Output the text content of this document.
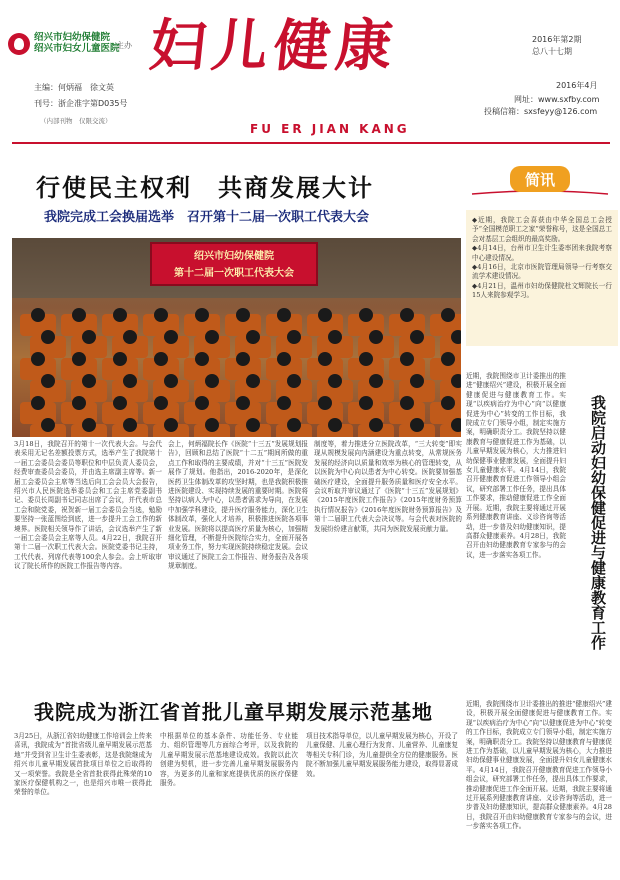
绍兴市妇幼保健院
绍兴市妇女儿童医院
主办
主编：何炳福　徐文英
刊号：浙企准字第D035号
（内部刊物　仅限交流）
妇儿健康
FU ER JIAN KANG
2016年第2期
总八十七期
2016年4月
网址：www.sxfby.com
投稿信箱：sxsfeyy@126.com
行使民主权利　共商发展大计
我院完成工会换届选举　召开第十二届一次职工代表大会
绍兴市妇幼保健院
第十二届一次职工代表大会
3月18日，我院召开的第十一次代表大会。与会代表采用无记名差额投票方式，选举产生了我院第十一届工会委员会委员等职位和中层负责人委员会，经费审查委员会委员，并由选主席副主席等。新一届工会委员会主席等当选后向工会会员大会报告，绍兴市人民医院选举委员会和工会主席党委副书记、委员长周副书记同志出席了会议，并代表市总工会和院党委，祝贺新一届工会委员会当选，勉励要坚持一张蓝图绘到底，进一步提升工会工作的新境界。医院相关领导作了讲话，会议选举产生了新一届工会委员会主席等人员。4月22日，我院召开第十二届一次职工代表大会。医院党委书记主持，工代代表、列席代表等100余人参会。会上听取审议了院长所作的医院工作报告等内容。
会上，何炳福院长作《医院“十三五”发展规划报告》，回顾和总结了医院“十二五”期间所做的重点工作和取得的主要成绩，并对“十三五”医院发展作了规划。他指出，2016-2020年，是深化医药卫生体制改革的攻坚时期，也是我院积极推进医院建设、实现持续发展的重要时期。医院将坚持以病人为中心，以患者需求为导向，在发展中加强学科建设，提升医疗服务能力，深化卫生体制改革，强化人才培养，积极推进医院各项事业发展。医院将以提高医疗质量为核心，加强精细化管理，不断提升医院综合实力，全面开展各项业务工作，努力实现医院持续稳定发展。会议审议通过了医院工会工作报告、财务报告及各项规章制度。
制度等，着力推进分立医院改革，“三大转变”即实现从规模发展向内涵建设为重点转变，从常规医务发展的经济向以质量和效率为核心的管理转变，从以医院为中心向以患者为中心转变。医院要加强基础医疗建设，全面提升服务质量和医疗安全水平。会议听取并审议通过了《医院“十三五”发展规划》《2015年度医院工作报告》《2015年度财务预算执行情况报告》《2016年度医院财务预算报告》及第十二届职工代表大会决议等。与会代表对医院的发展纷纷建言献策，共同为医院发展贡献力量。
简讯
◆近期，我院工会喜获由中华全国总工会授予“全国模范职工之家”荣誉称号，这是全国总工会对基层工会组织的最高奖励。
◆4月14日，台州市卫生计生委率团来我院考察中心建设情况。
◆4月16日，北京市医院管理局领导一行考察交流学术建设情况。
◆4月21日，温州市妇幼保健院杜文辉院长一行15人来院参观学习。
近期，我院围绕市卫计委推出的推进“健康绍兴”建设，积极开展全面健康促进与健康教育工作。实现“以疾病治疗为中心”向“以健康促进为中心”转变的工作目标，我院成立专门领导小组，制定实施方案，明确职责分工。我院坚持以健康教育与健康促进工作为基础，以儿童早期发展为核心，大力推进妇幼保健事业健康发展，全面提升妇女儿童健康水平。4月14日，我院召开健康教育促进工作领导小组会议，研究部署工作任务，提出具体工作要求，推动健康促进工作全面开展。近期，我院主要将通过开展系列健康教育讲座、义诊咨询等活动，进一步普及妇幼健康知识，提高群众健康素养。4月28日，我院召开由妇幼健康教育专家参与的会议，进一步落实各项工作。	我院启动妇幼保健促进与健康教育工作
我院成为浙江省首批儿童早期发展示范基地
3月25日，从浙江省妇幼健康工作培训会上传来喜讯，我院成为“首批省级儿童早期发展示范基地”并受到省卫生计生委表彰，这是我院继成为绍兴市儿童早期发展首批项目单位之后取得的又一项荣誉。我院是全省首批获得此殊荣的10家医疗保健机构之一，也是绍兴市唯一获得此荣誉的单位。
中根据单位的基本条件、功能任务、专业能力、组织管理等几方面综合考评，以及我院的儿童早期发展示范基地建设成效。我院以此次创建为契机，进一步完善儿童早期发展服务内容，为更多的儿童和家庭提供优质的医疗保健服务。
项目技术指导单位，以儿童早期发展为核心，开设了儿童保健、儿童心理行为发育、儿童营养、儿童康复等相关专科门诊，为儿童提供全方位的健康服务。医院不断加强儿童早期发展服务能力建设，取得显著成效。
近期，我院围绕市卫计委推出的推进“健康绍兴”建设，积极开展全面健康促进与健康教育工作。实现“以疾病治疗为中心”向“以健康促进为中心”转变的工作目标，我院成立专门领导小组，制定实施方案，明确职责分工。我院坚持以健康教育与健康促进工作为基础，以儿童早期发展为核心，大力推进妇幼保健事业健康发展，全面提升妇女儿童健康水平。4月14日，我院召开健康教育促进工作领导小组会议，研究部署工作任务，提出具体工作要求，推动健康促进工作全面开展。近期，我院主要将通过开展系列健康教育讲座、义诊咨询等活动，进一步普及妇幼健康知识，提高群众健康素养。4月28日，我院召开由妇幼健康教育专家参与的会议，进一步落实各项工作。
